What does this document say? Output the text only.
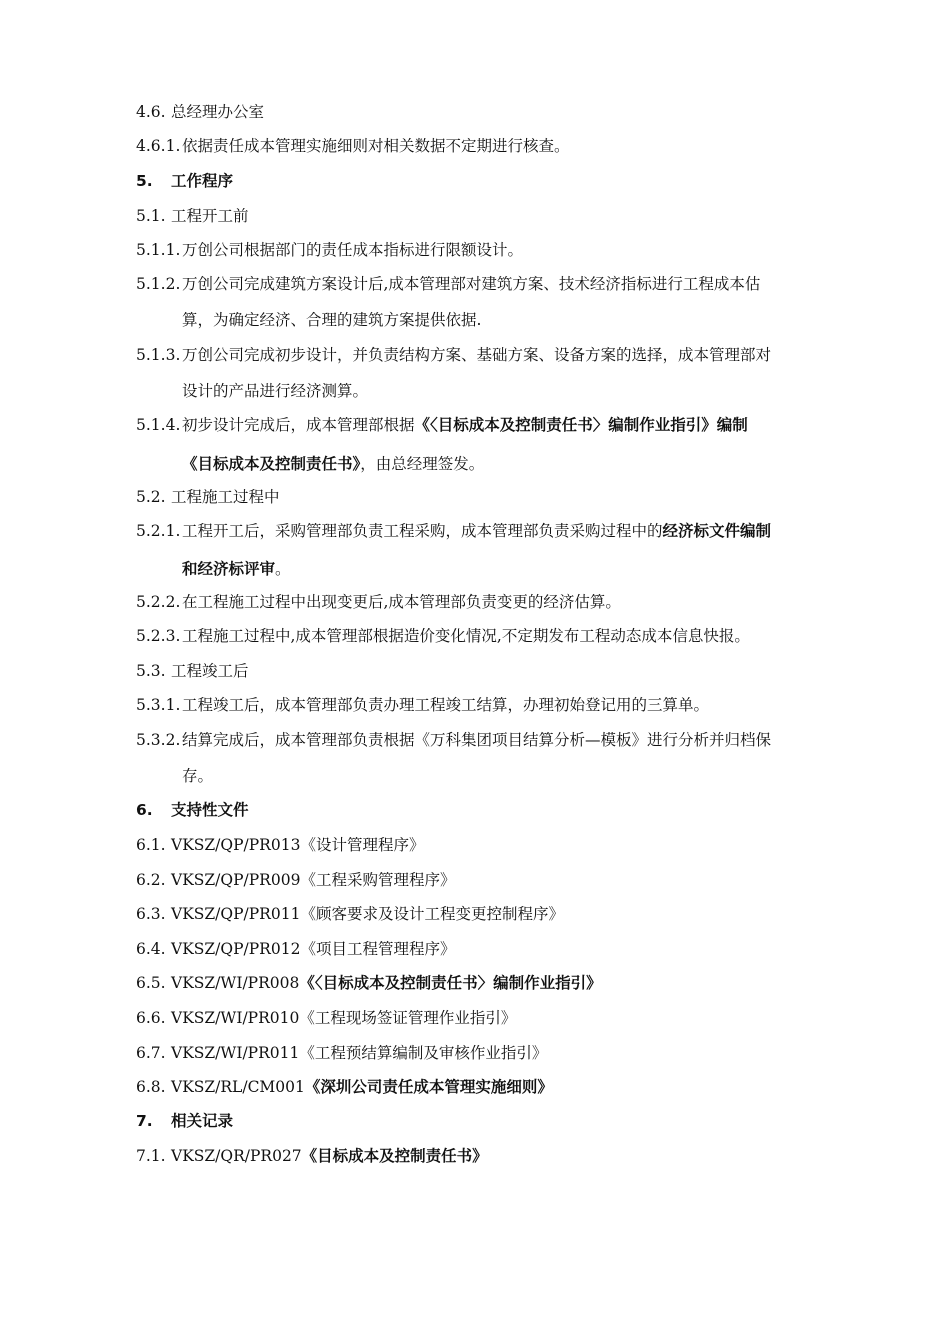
4.6. 总经理办公室
4.6.1. 依据责任成本管理实施细则对相关数据不定期进行核查。
5. 工作程序
5.1. 工程开工前
5.1.1. 万创公司根据部门的责任成本指标进行限额设计。
5.1.2. 万创公司完成建筑方案设计后,成本管理部对建筑方案、技术经济指标进行工程成本估
算，为确定经济、合理的建筑方案提供依据.
5.1.3. 万创公司完成初步设计，并负责结构方案、基础方案、设备方案的选择，成本管理部对
设计的产品进行经济测算。
5.1.4. 初步设计完成后，成本管理部根据《〈目标成本及控制责任书〉编制作业指引》编制
《目标成本及控制责任书》，由总经理签发。
5.2. 工程施工过程中
5.2.1. 工程开工后，采购管理部负责工程采购，成本管理部负责采购过程中的经济标文件编制
和经济标评审。
5.2.2. 在工程施工过程中出现变更后,成本管理部负责变更的经济估算。
5.2.3. 工程施工过程中,成本管理部根据造价变化情况,不定期发布工程动态成本信息快报。
5.3. 工程竣工后
5.3.1. 工程竣工后，成本管理部负责办理工程竣工结算，办理初始登记用的三算单。
5.3.2. 结算完成后，成本管理部负责根据《万科集团项目结算分析—模板》进行分析并归档保
存。
6. 支持性文件
6.1. VKSZ/QP/PR013《设计管理程序》
6.2. VKSZ/QP/PR009《工程采购管理程序》
6.3. VKSZ/QP/PR011《顾客要求及设计工程变更控制程序》
6.4. VKSZ/QP/PR012《项目工程管理程序》
6.5. VKSZ/WI/PR008《〈目标成本及控制责任书〉编制作业指引》
6.6. VKSZ/WI/PR010《工程现场签证管理作业指引》
6.7. VKSZ/WI/PR011《工程预结算编制及审核作业指引》
6.8. VKSZ/RL/CM001《深圳公司责任成本管理实施细则》
7. 相关记录
7.1. VKSZ/QR/PR027《目标成本及控制责任书》
